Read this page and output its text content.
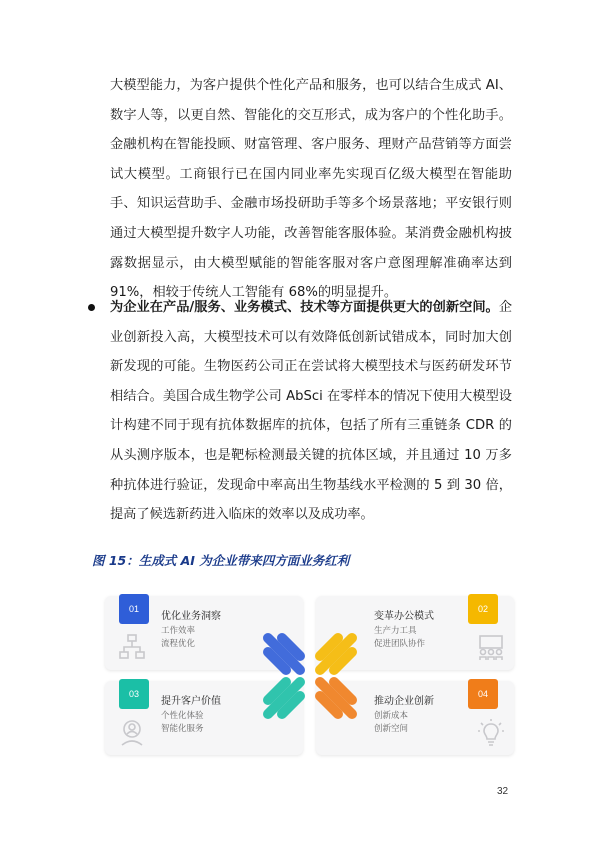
大模型能力，为客户提供个性化产品和服务，也可以结合生成式 AI、数字人等，以更自然、智能化的交互形式，成为客户的个性化助手。金融机构在智能投顾、财富管理、客户服务、理财产品营销等方面尝试大模型。工商银行已在国内同业率先实现百亿级大模型在智能助手、知识运营助手、金融市场投研助手等多个场景落地；平安银行则通过大模型提升数字人功能，改善智能客服体验。某消费金融机构披露数据显示，由大模型赋能的智能客服对客户意图理解准确率达到 91%，相较于传统人工智能有 68%的明显提升。
为企业在产品/服务、业务模式、技术等方面提供更大的创新空间。企业创新投入高，大模型技术可以有效降低创新试错成本，同时加大创新发现的可能。生物医药公司正在尝试将大模型技术与医药研发环节相结合。美国合成生物学公司 AbSci 在零样本的情况下使用大模型设计构建不同于现有抗体数据库的抗体，包括了所有三重链条 CDR 的从头测序版本，也是靶标检测最关键的抗体区域，并且通过 10 万多种抗体进行验证，发现命中率高出生物基线水平检测的 5 到 30 倍，提高了候选新药进入临床的效率以及成功率。
图 15：生成式 AI 为企业带来四方面业务红利
01
优化业务洞察
工作效率
流程优化
02
变革办公模式
生产力工具
促进团队协作
03
提升客户价值
个性化体验
智能化服务
04
推动企业创新
创新成本
创新空间
32
